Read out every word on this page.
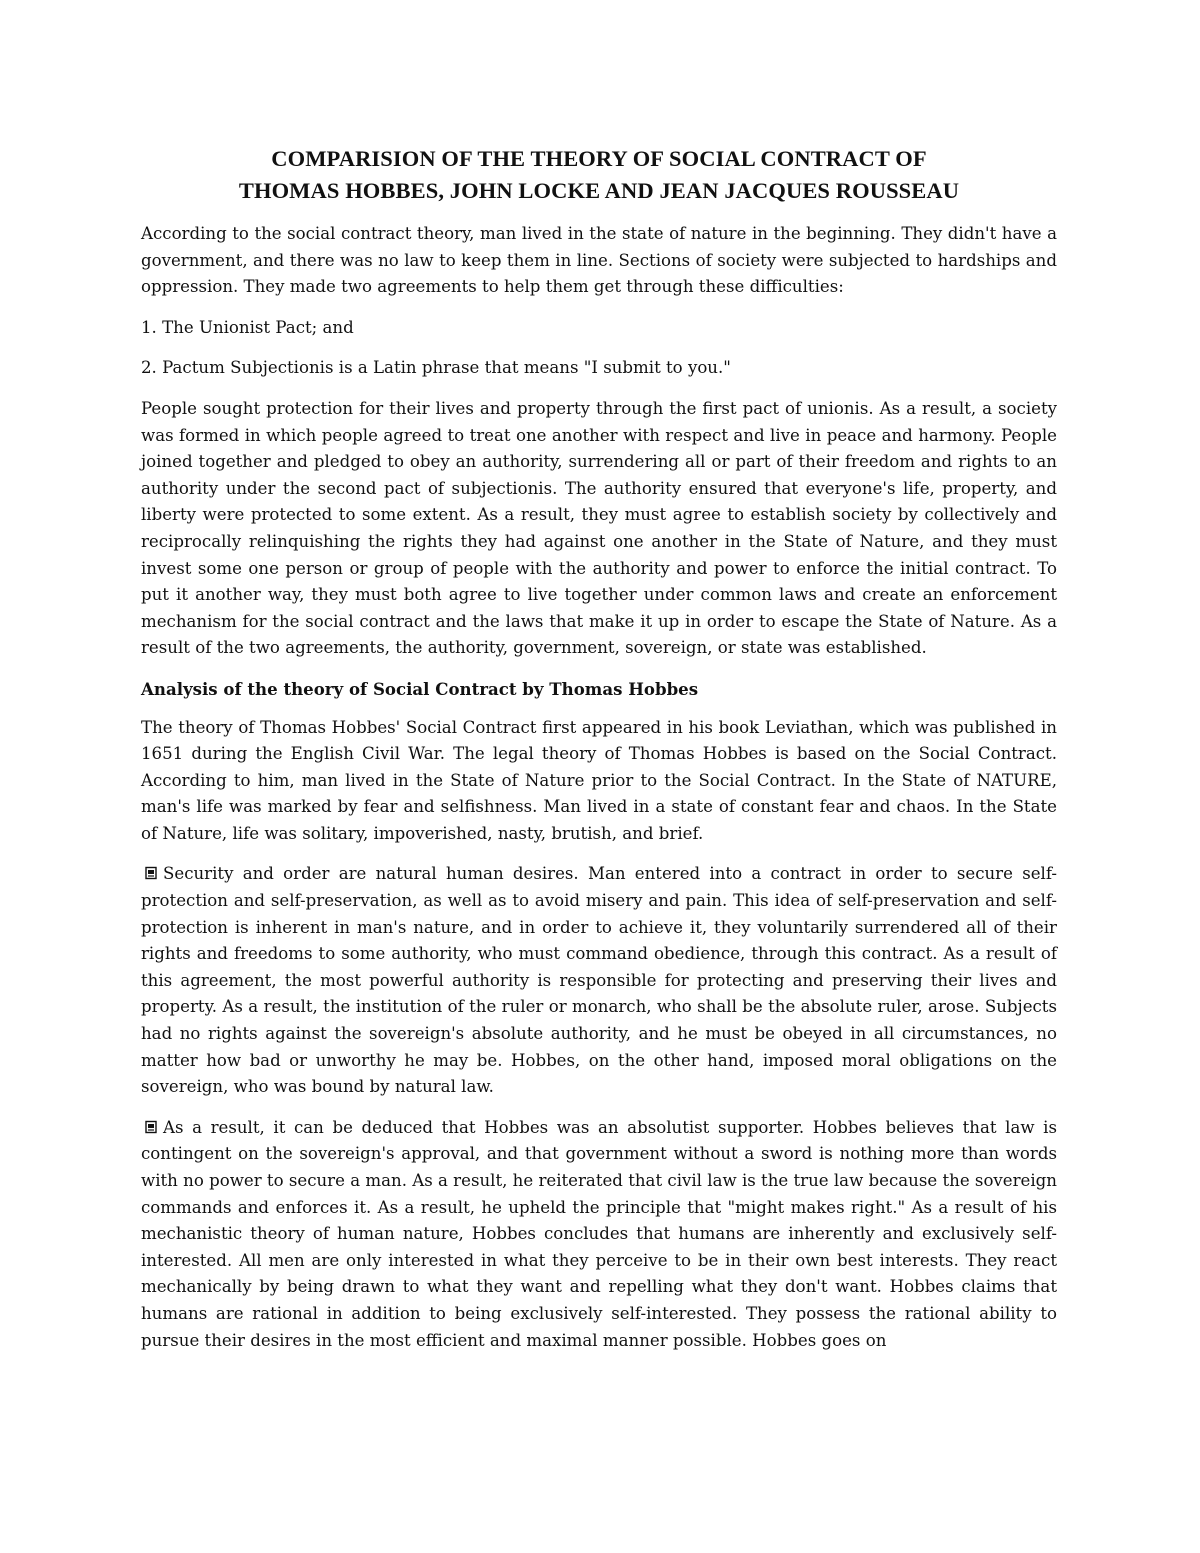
COMPARISION OF THE THEORY OF SOCIAL CONTRACT OF
THOMAS HOBBES, JOHN LOCKE AND JEAN JACQUES ROUSSEAU

According to the social contract theory, man lived in the state of nature in the beginning. They didn't have a government, and there was no law to keep them in line. Sections of society were subjected to hardships and oppression. They made two agreements to help them get through these difficulties:

1. The Unionist Pact; and

2. Pactum Subjectionis is a Latin phrase that means "I submit to you."

People sought protection for their lives and property through the first pact of unionis. As a result, a society was formed in which people agreed to treat one another with respect and live in peace and harmony. People joined together and pledged to obey an authority, surrendering all or part of their freedom and rights to an authority under the second pact of subjectionis. The authority ensured that everyone's life, property, and liberty were protected to some extent. As a result, they must agree to establish society by collectively and reciprocally relinquishing the rights they had against one another in the State of Nature, and they must invest some one person or group of people with the authority and power to enforce the initial contract. To put it another way, they must both agree to live together under common laws and create an enforcement mechanism for the social contract and the laws that make it up in order to escape the State of Nature. As a result of the two agreements, the authority, government, sovereign, or state was established.

Analysis of the theory of Social Contract by Thomas Hobbes

The theory of Thomas Hobbes' Social Contract first appeared in his book Leviathan, which was published in 1651 during the English Civil War. The legal theory of Thomas Hobbes is based on the Social Contract. According to him, man lived in the State of Nature prior to the Social Contract. In the State of NATURE, man's life was marked by fear and selfishness. Man lived in a state of constant fear and chaos. In the State of Nature, life was solitary, impoverished, nasty, brutish, and brief.

Security and order are natural human desires. Man entered into a contract in order to secure self-protection and self-preservation, as well as to avoid misery and pain. This idea of self-preservation and self-protection is inherent in man's nature, and in order to achieve it, they voluntarily surrendered all of their rights and freedoms to some authority, who must command obedience, through this contract. As a result of this agreement, the most powerful authority is responsible for protecting and preserving their lives and property. As a result, the institution of the ruler or monarch, who shall be the absolute ruler, arose. Subjects had no rights against the sovereign's absolute authority, and he must be obeyed in all circumstances, no matter how bad or unworthy he may be. Hobbes, on the other hand, imposed moral obligations on the sovereign, who was bound by natural law.

As a result, it can be deduced that Hobbes was an absolutist supporter. Hobbes believes that law is contingent on the sovereign's approval, and that government without a sword is nothing more than words with no power to secure a man. As a result, he reiterated that civil law is the true law because the sovereign commands and enforces it. As a result, he upheld the principle that "might makes right." As a result of his mechanistic theory of human nature, Hobbes concludes that humans are inherently and exclusively self-interested. All men are only interested in what they perceive to be in their own best interests. They react mechanically by being drawn to what they want and repelling what they don't want. Hobbes claims that humans are rational in addition to being exclusively self-interested. They possess the rational ability to pursue their desires in the most efficient and maximal manner possible. Hobbes goes on
